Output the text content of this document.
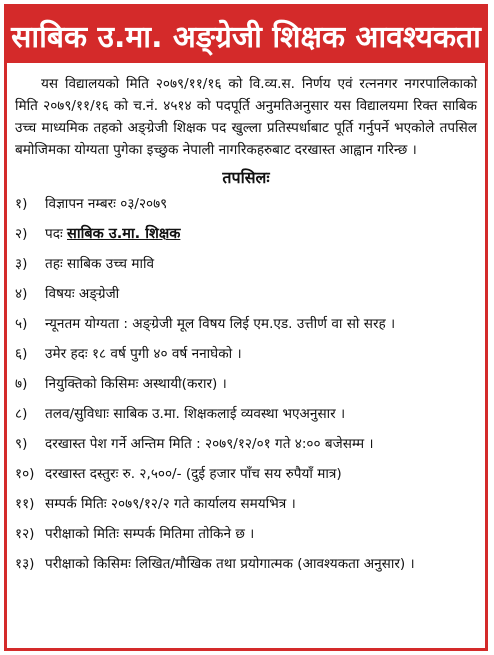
साबिक उ.मा. अङ्ग्रेजी शिक्षक आवश्यकता

यस विद्यालयको मिति २०७९/११/१६ को वि.व्य.स. निर्णय एवं रत्ननगर नगरपालिकाको मिति २०७९/११/१६ को च.नं. ४५१४ को पदपूर्ति अनुमतिअनुसार यस विद्यालयमा रिक्त साबिक उच्च माध्यमिक तहको अङ्ग्रेजी शिक्षक पद खुल्ला प्रतिस्पर्धाबाट पूर्ति गर्नुपर्ने भएकोले तपसिल बमोजिमका योग्यता पुगेका इच्छुक नेपाली नागरिकहरुबाट दरखास्त आह्वान गरिन्छ ।

तपसिलः
१)	विज्ञापन नम्बरः ०३/२०७९
२)	पदः साबिक उ.मा. शिक्षक
३)	तहः साबिक उच्च मावि
४)	विषयः अङ्ग्रेजी
५)	न्यूनतम योग्यता : अङ्ग्रेजी मूल विषय लिई एम.एड. उत्तीर्ण वा सो सरह ।
६)	उमेर हदः १८ वर्ष पुगी ४० वर्ष ननाघेको ।
७)	नियुक्तिको किसिमः अस्थायी(करार) ।
८)	तलव/सुविधाः साबिक उ.मा. शिक्षकलाई व्यवस्था भएअनुसार ।
९)	दरखास्त पेश गर्ने अन्तिम मिति : २०७९/१२/०१ गते ४:०० बजेसम्म ।
१०) दरखास्त दस्तुरः रु. २,५००/- (दुई हजार पाँच सय रुपैयाँ मात्र)
११) सम्पर्क मितिः २०७९/१२/२ गते कार्यालय समयभित्र ।
१२) परीक्षाको मितिः सम्पर्क मितिमा तोकिने छ ।
१३) परीक्षाको किसिमः लिखित/मौखिक तथा प्रयोगात्मक (आवश्यकता अनुसार) ।
